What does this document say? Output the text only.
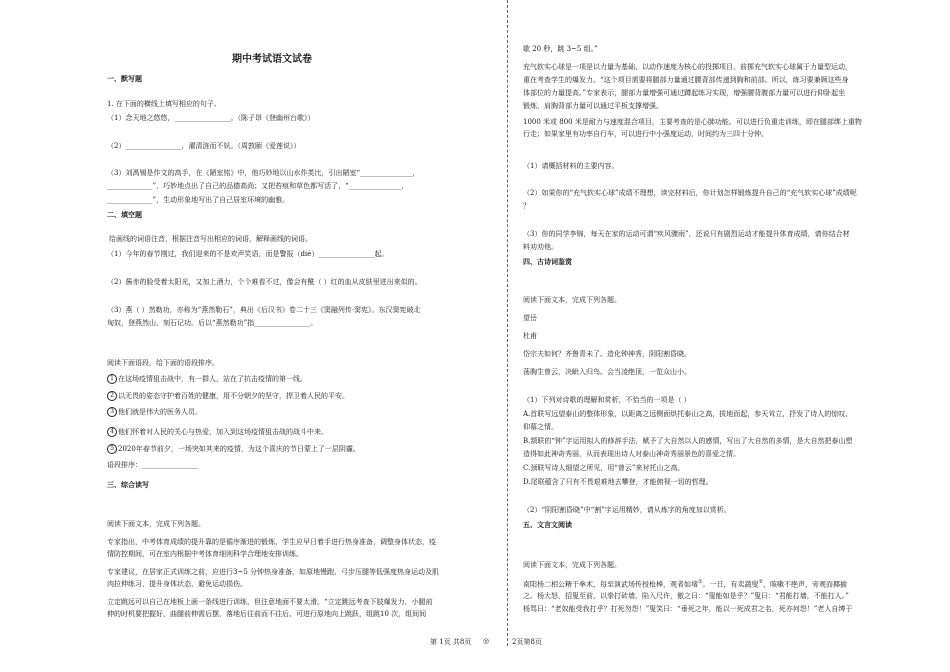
期中考试语文试卷
一、默写题
1. 在下面的横线上填写相应的句子。
（1）念天地之悠悠，________________。（陈子昂《登幽州台歌》）
（2）________________，濯清涟而不妖。（周敦颐《爱莲说》）
（3）刘禹锡是作文的高手，在《陋室铭》中，他巧妙地以山水作类比，引出陋室“_______________，
_____________”，巧妙地点出了自己的品德高尚；又把苔痕和草色都写活了，“_______________，
_____________”，生动形象地写出了自己居室环境的幽雅。
二、填空题
给画线的词语注音，根据注音写出相应的词语，解释画线的词语。
（1）今年的春节刚过，我们迎来的不是欢声笑语，而是警报（dié）________________起。
（2）酱赤的脸受着太阳光，又加上酒力，个个难看不过，像会有酰（ ）红的血从皮肤里迸出来似的。
（3）燕（ ）然勒功，亦称为“燕然勒石”，典出《后汉书》卷二十三《窦融列传·窦宪》。东汉窦宪破北
匈奴，登燕然山，刻石记功。后以“燕然勒功”指________________。
阅读下面语段，给下面的语段排序。
1 在这场疫情狙击战中，有一群人，站在了抗击疫情的第一线。
2 以无畏的姿态守护着百姓的健康，用不分朝夕的坚守，捍卫着人民的平安。
3 他们就是伟大的医务人员。
4 他们怀着对人民的关心与热爱，加入到这场疫情狙击战的战斗中来。
5 2020年春节前夕，一场突如其来的疫情，为这个喜庆的节日蒙上了一层阴霾。
语段排序：________________
三、综合读写
阅读下面文本，完成下列各题。
专家指出，中考体育成绩的提升靠的是循序渐进的锻炼，学生应早日着手进行热身准备，调整身体状态，疫
情防控期间，可在室内根据中考体育细则科学合理地安排训练。
专家建议，在居家正式训练之前，应进行3~5 分钟热身准备，如原地慢跑、弓步压腿等低强度热身运动及肌
肉拉伸练习，提升身体状态，避免运动损伤。
立定跳远可以自己在地板上画一条线进行训练，但注意地面不要太滑。“立定跳远考查下肢爆发力，小腿前
伸的时机要把握好，曲腿前伸需后摆，落地后往前而不往后。可进行原地向上跳跃，组跳10 次，组间间
歇 20 秒，跳 3~5 组。”
充气软实心球是一项是以力量为基础、以动作速度为核心的投掷项目，前掷充气软实心球属于力量型运动，
重在考查学生的爆发力。“这个项目需要将腿部力量通过腰背部传递到胸和前部。所以，练习要兼顾这些身
体部位的力量提高。”专家表示，腿部力量增强可通过蹲起练习实现，增强腰背腹部力量可以进行仰卧起坐
锻炼，肩胸背部力量可以通过平板支撑增强。
1000 米或 800 米是耐力与速度混合项目，主要考查的是心肺功能。可以进行负重走训练，即在腿部绑上重物
行走；如果家里有功率自行车，可以进行中小强度运动，时间约为三四十分钟。
（1）请概括材料的主要内容。
（2）如果你的“充气软实心球”成绩不理想，读完材料后，你计划怎样锻炼提升自己的“充气软实心球”成绩呢
？
（3）你的同学李锦，每天在家的运动可谓“疾风骤雨”，还说只有剧烈运动才能提升体育成绩，请你结合材
料劝劝他。
四、古诗词鉴赏
阅读下面文本，完成下列各题。
望岳
杜甫
岱宗夫如何？齐鲁青未了。造化钟神秀，阴阳割昏晓。
荡胸生曾云，决眦入归鸟。会当凌绝顶，一览众山小。
（1）下列对诗歌的理解和赏析，不恰当的一项是（ ）
A.首联写远望泰山的整体形象，以距离之远侧面烘托泰山之高，拔地而起，参天耸立，抒发了诗人的惊叹、
仰慕之情。
B.颔联的“钟”字运用拟人的修辞手法，赋予了大自然以人的感情，写出了大自然的多情，是大自然把泰山塑
造得如此神奇秀丽，从而表现出诗人对泰山神奇秀丽景色的喜爱之情。
C.颈联写诗人细望之所见，用“曾云”来衬托山之高。
D.尾联蕴含了只有不畏艰难地去攀登，才能俯视一切的哲理。
（2）“阴阳割昏晓”中“割”字运用精妙，请从炼字的角度加以赏析。
五、文言文阅读
阅读下面文本，完成下列各题。
南阳杨二相公精于拳术，每至演武场传授枪棒，观者如堵①。一日，有卖蔬叟②，咳嗽不绝声，旁观而揶揄
之。杨大怒，招叟至前，以拳打砖墙，陷入尺许，傲之曰：“叟能如是乎？”叟曰：“君能打墙，不能打人。”
杨骂曰：“老奴能受我打乎？打死勿怨！”叟笑曰：“垂死之年，能以一死成君之名，死亦何怨！”老人自缚于
第 1页 共8页 ◎	2页第8页
